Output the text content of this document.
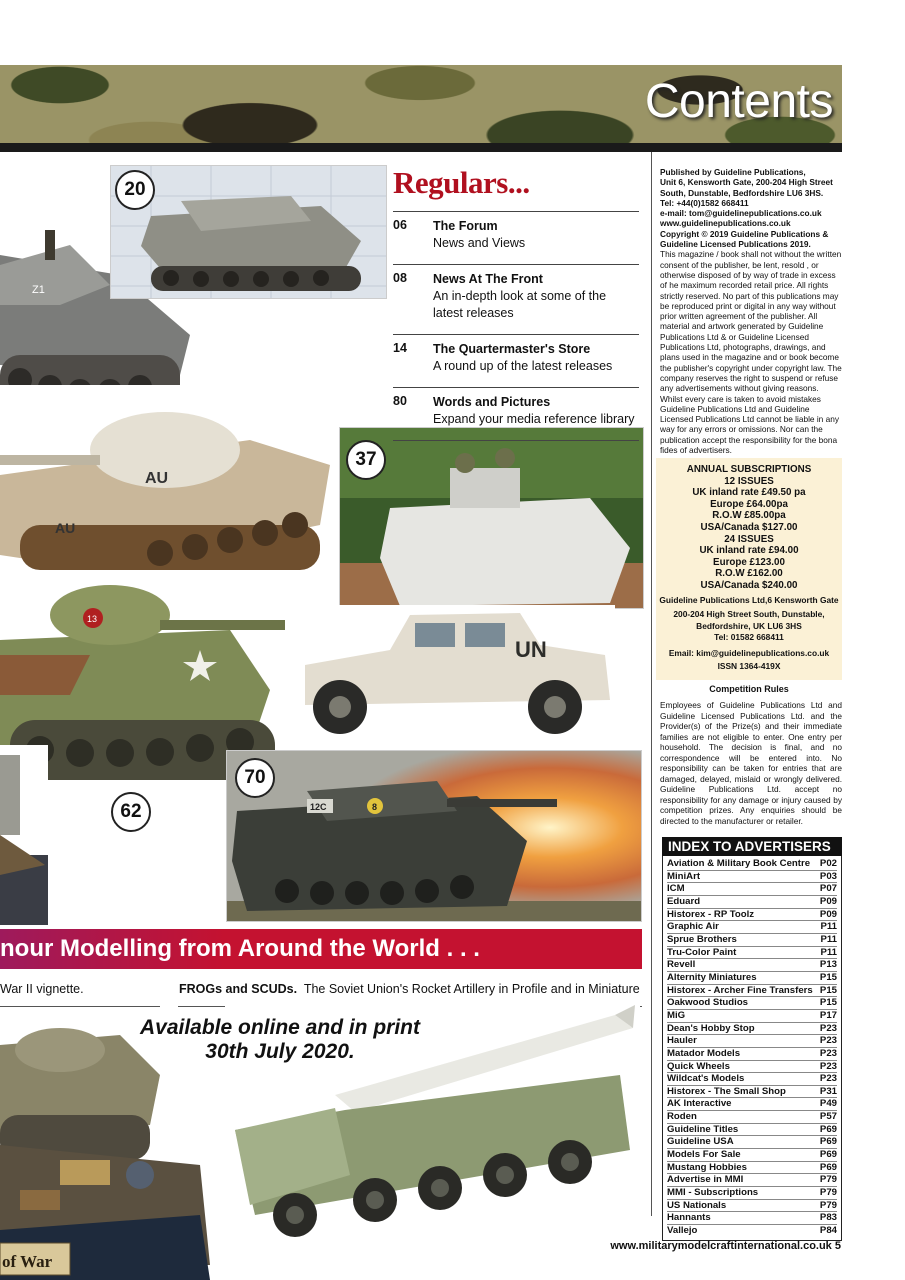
Contents
Z1
20
AU
AU
37
13
UN
62	12C	8
70
Regulars...
06	The Forum
News and Views
08	News At The Front
An in-depth look at some of the latest releases
14	The Quartermaster's Store
A round up of the latest releases
80	Words and Pictures
Expand your media reference library
Published by Guideline Publications,
Unit 6, Kensworth Gate, 200-204 High Street
South, Dunstable, Bedfordshire LU6 3HS.
Tel: +44(0)1582 668411
e-mail: tom@guidelinepublications.co.uk
www.guidelinepublications.co.uk
Copyright © 2019 Guideline Publications &
Guideline Licensed Publications 2019.
This magazine / book shall not without the written consent of the publisher, be lent, resold , or otherwise disposed of by way of trade in excess of he maximum recorded retail price. All rights strictly reserved. No part of this publications may be reproduced print or digital in any way without prior written agreement of the publisher. All material and artwork generated by Guideline Publications Ltd & or Guideline Licensed Publications Ltd, photographs, drawings, and plans used in the magazine and or book become the publisher's copyright under copyright law. The company reserves the right to suspend or refuse any advertisements without giving reasons. Whilst every care is taken to avoid mistakes Guideline Publications Ltd and Guideline Licensed Publications Ltd cannot be liable in any way for any errors or omissions. Nor can the publication accept the responsibility for the bona fides of advertisers.
ANNUAL SUBSCRIPTIONS
12 ISSUES
UK inland rate £49.50 pa
Europe £64.00pa
R.O.W £85.00pa
USA/Canada $127.00
24 ISSUES
UK inland rate £94.00
Europe £123.00
R.O.W £162.00
USA/Canada $240.00
Guideline Publications Ltd,6 Kensworth Gate
200-204 High Street South, Dunstable,
Bedfordshire, UK LU6 3HS
Tel: 01582 668411
Email: kim@guidelinepublications.co.uk
ISSN 1364-419X
Competition Rules
Employees of Guideline Publications Ltd and Guideline Licensed Publications Ltd. and the Provider(s) of the Prize(s) and their immediate families are not eligible to enter. One entry per household. The decision is final, and no correspondence will be entered into. No responsibility can be taken for entries that are damaged, delayed, mislaid or wrongly delivered. Guideline Publications Ltd. accept no responsibility for any damage or injury caused by competition prizes. Any enquiries should be directed to the manufacturer or retailer.
INDEX TO ADVERTISERS
Aviation & Military Book Centre P02
MiniArt	P03
ICM	P07
Eduard	P09
Historex - RP Toolz	P09
Graphic Air	P11
Sprue Brothers	P11
Tru-Color Paint	P11
Revell	P13
Alternity Miniatures	P15
Historex - Archer Fine Transfers P15
Oakwood Studios	P15
MiG	P17
Dean's Hobby Stop	P23
Hauler	P23
Matador Models	P23
Quick Wheels	P23
Wildcat's Models	P23
Historex - The Small Shop	P31
AK Interactive	P49
Roden	P57
Guideline Titles	P69
Guideline USA	P69
Models For Sale	P69
Mustang Hobbies	P69
Advertise in MMI	P79
MMI - Subscriptions	P79
US Nationals	P79
Hannants	P83
Vallejo	P84
nour Modelling from Around the World . . .
War II vignette.	FROGs and SCUDs. The Soviet Union's Rocket Artillery in Profile and in Miniature
of War
Available online and in print
30th July 2020.
www.militarymodelcraftinternational.co.uk 5
